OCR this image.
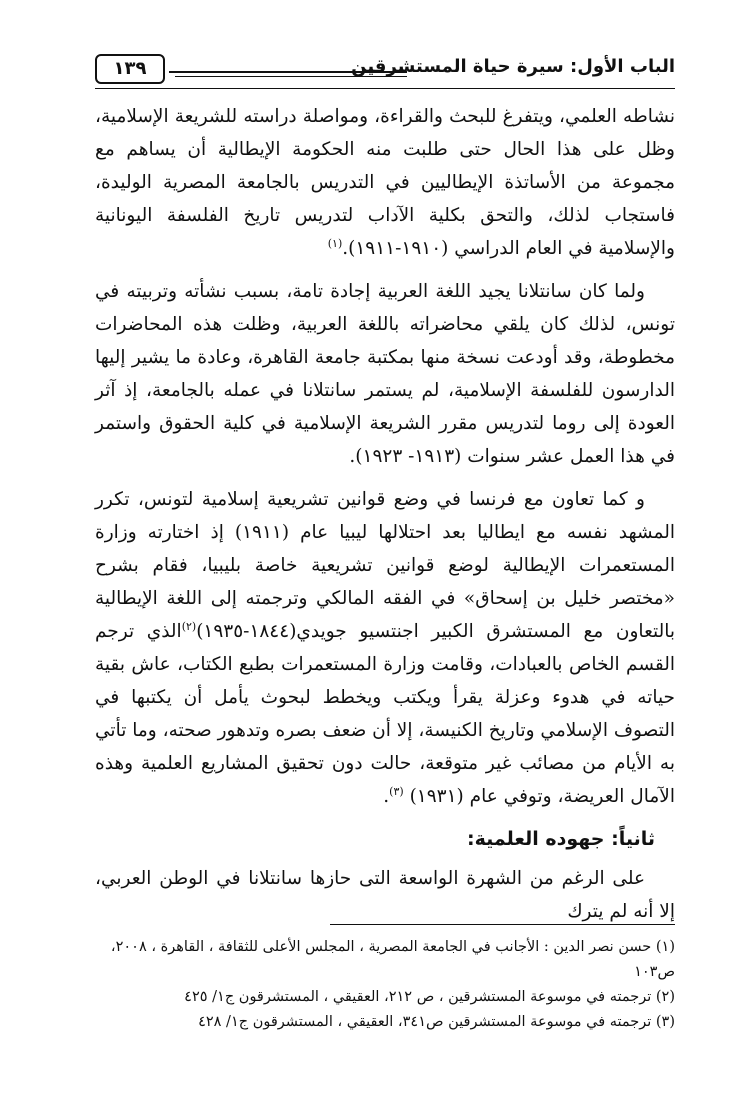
الباب الأول: سيرة حياة المستشرقين
١٣٩

نشاطه العلمي، ويتفرغ للبحث والقراءة، ومواصلة دراسته للشريعة الإسلامية، وظل على هذا الحال حتى طلبت منه الحكومة الإيطالية أن يساهم مع مجموعة من الأساتذة الإيطاليين في التدريس بالجامعة المصرية الوليدة، فاستجاب لذلك، والتحق بكلية الآداب لتدريس تاريخ الفلسفة اليونانية والإسلامية في العام الدراسي (١٩١٠-١٩١١).$^{(١)}$

ولما كان سانتلانا يجيد اللغة العربية إجادة تامة، بسبب نشأته وتربيته في تونس، لذلك كان يلقي محاضراته باللغة العربية، وظلت هذه المحاضرات مخطوطة، وقد أودعت نسخة منها بمكتبة جامعة القاهرة، وعادة ما يشير إليها الدارسون للفلسفة الإسلامية، لم يستمر سانتلانا في عمله بالجامعة، إذ آثر العودة إلى روما لتدريس مقرر الشريعة الإسلامية في كلية الحقوق واستمر في هذا العمل عشر سنوات (١٩١٣- ١٩٢٣).

و كما تعاون مع فرنسا في وضع قوانين تشريعية إسلامية لتونس، تكرر المشهد نفسه مع ايطاليا بعد احتلالها ليبيا عام (١٩١١) إذ اختارته وزارة المستعمرات الإيطالية لوضع قوانين تشريعية خاصة بليبيا، فقام بشرح «مختصر خليل بن إسحاق» في الفقه المالكي وترجمته إلى اللغة الإيطالية بالتعاون مع المستشرق الكبير اجنتسيو جويدي(١٨٤٤-١٩٣٥)$^{(٢)}$الذي ترجم القسم الخاص بالعبادات، وقامت وزارة المستعمرات بطبع الكتاب، عاش بقية حياته في هدوء وعزلة يقرأ ويكتب ويخطط لبحوث يأمل أن يكتبها في التصوف الإسلامي وتاريخ الكنيسة، إلا أن ضعف بصره وتدهور صحته، وما تأتي به الأيام من مصائب غير متوقعة، حالت دون تحقيق المشاريع العلمية وهذه الآمال العريضة، وتوفي عام (١٩٣١) $^{(٣)}$.

ثانياً: جهوده العلمية:

على الرغم من الشهرة الواسعة التى حازها سانتلانا في الوطن العربي، إلا أنه لم يترك

(١) حسن نصر الدين : الأجانب في الجامعة المصرية ، المجلس الأعلى للثقافة ، القاهرة ، ٢٠٠٨، ص١٠٣

(٢) ترجمته في موسوعة المستشرقين ، ص ٢١٢، العقيقي ، المستشرقون ج١/ ٤٢٥

(٣) ترجمته في موسوعة المستشرقين ص٣٤١، العقيقي ، المستشرقون ج١/ ٤٢٨
